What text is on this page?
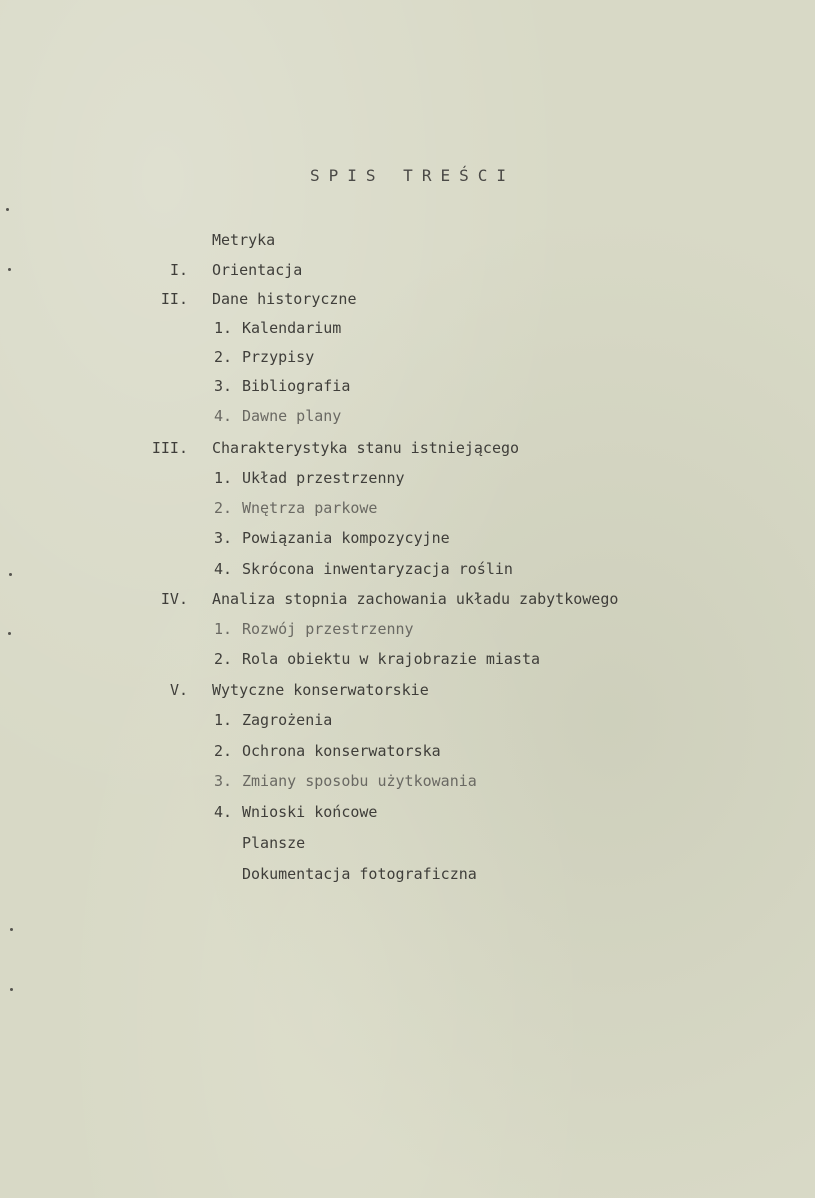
SPIS TREŚCI
Metryka
I. Orientacja
II. Dane historyczne
1. Kalendarium
2. Przypisy
3. Bibliografia
4. Dawne plany
III. Charakterystyka stanu istniejącego
1. Układ przestrzenny
2. Wnętrza parkowe
3. Powiązania kompozycyjne
4. Skrócona inwentaryzacja roślin
IV. Analiza stopnia zachowania układu zabytkowego
1. Rozwój przestrzenny
2. Rola obiektu w krajobrazie miasta
V. Wytyczne konserwatorskie
1. Zagrożenia
2. Ochrona konserwatorska
3. Zmiany sposobu użytkowania
4. Wnioski końcowe
Plansze
Dokumentacja fotograficzna
